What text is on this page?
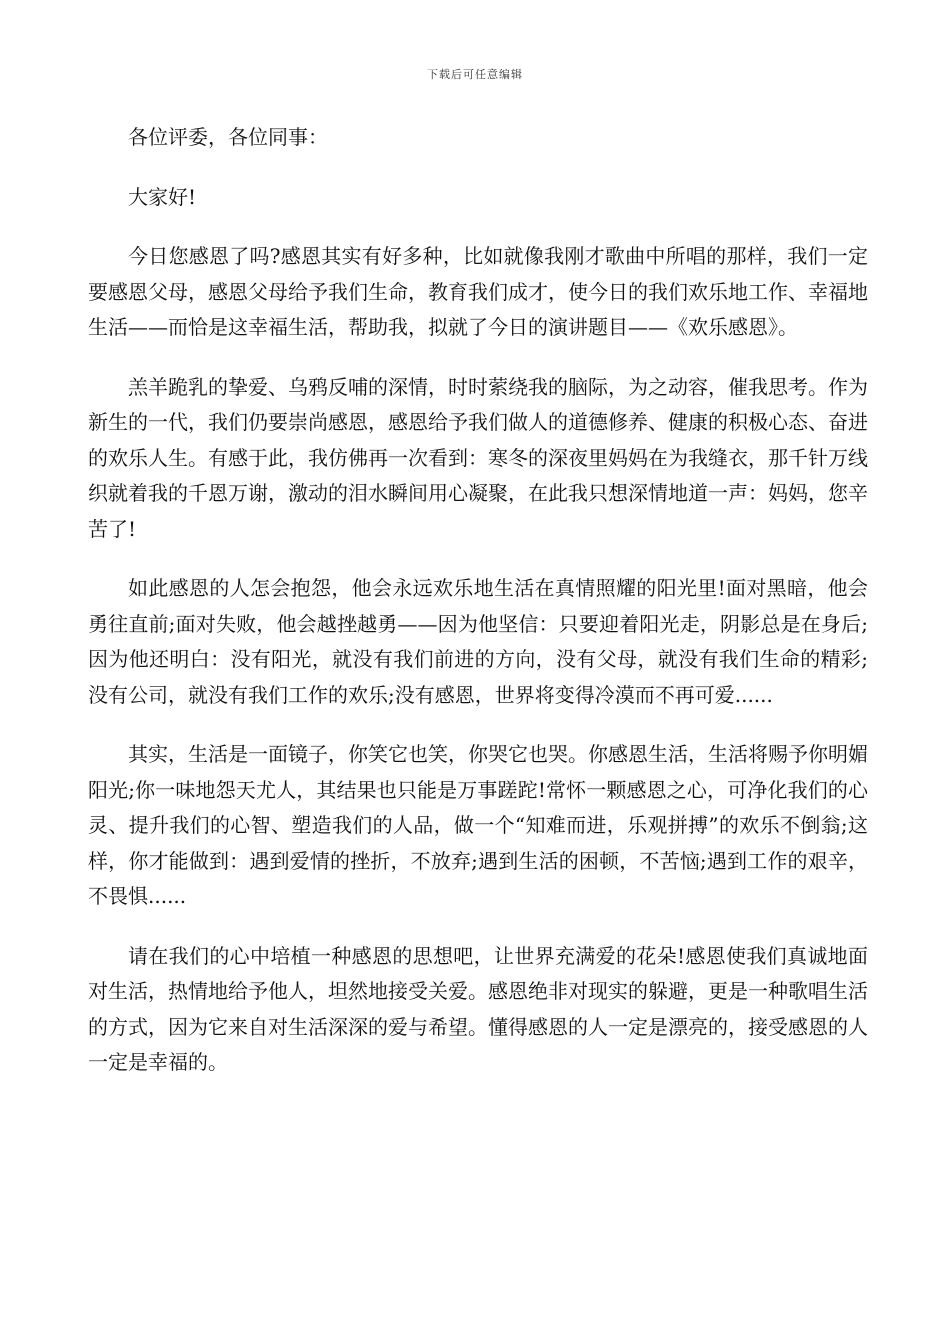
下载后可任意编辑

各位评委，各位同事：

大家好!

今日您感恩了吗?感恩其实有好多种，比如就像我刚才歌曲中所唱的那样，我们一定要感恩父母，感恩父母给予我们生命，教育我们成才，使今日的我们欢乐地工作、幸福地生活——而恰是这幸福生活，帮助我，拟就了今日的演讲题目——《欢乐感恩》。

羔羊跪乳的挚爱、乌鸦反哺的深情，时时萦绕我的脑际，为之动容，催我思考。作为新生的一代，我们仍要崇尚感恩，感恩给予我们做人的道德修养、健康的积极心态、奋进的欢乐人生。有感于此，我仿佛再一次看到：寒冬的深夜里妈妈在为我缝衣，那千针万线织就着我的千恩万谢，激动的泪水瞬间用心凝聚，在此我只想深情地道一声：妈妈，您辛苦了!

如此感恩的人怎会抱怨，他会永远欢乐地生活在真情照耀的阳光里!面对黑暗，他会勇往直前;面对失败，他会越挫越勇——因为他坚信：只要迎着阳光走，阴影总是在身后;因为他还明白：没有阳光，就没有我们前进的方向，没有父母，就没有我们生命的精彩;没有公司，就没有我们工作的欢乐;没有感恩，世界将变得冷漠而不再可爱......

其实，生活是一面镜子，你笑它也笑，你哭它也哭。你感恩生活，生活将赐予你明媚阳光;你一味地怨天尤人，其结果也只能是万事蹉跎!常怀一颗感恩之心，可净化我们的心灵、提升我们的心智、塑造我们的人品，做一个“知难而进，乐观拼搏”的欢乐不倒翁;这样，你才能做到：遇到爱情的挫折，不放弃;遇到生活的困顿，不苦恼;遇到工作的艰辛，不畏惧......

请在我们的心中培植一种感恩的思想吧，让世界充满爱的花朵!感恩使我们真诚地面对生活，热情地给予他人，坦然地接受关爱。感恩绝非对现实的躲避，更是一种歌唱生活的方式，因为它来自对生活深深的爱与希望。懂得感恩的人一定是漂亮的，接受感恩的人一定是幸福的。
